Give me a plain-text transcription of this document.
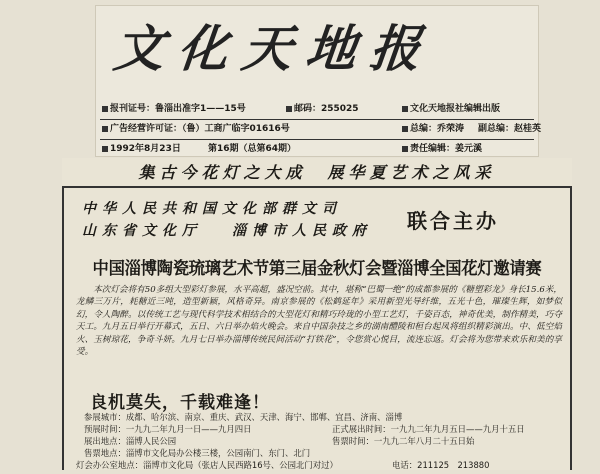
文化天地报
报刊证号：鲁淄出准字1——15号	邮码：255025	文化天地报社编辑出版
广告经营许可证：（鲁）工商广临字01616号	总编：乔荣涛 副总编：赵桂英
1992年8月23日	第16期（总第64期）	责任编辑：姜元溪
集古今花灯之大成　展华夏艺术之风采
中华人民共和国文化部群文司
山东省文化厅 淄博市人民政府 联合主办
中国淄博陶瓷琉璃艺术节第三届金秋灯会暨淄博全国花灯邀请赛
本次灯会将有50多组大型彩灯参展，水平高超，盛况空前。其中，堪称“巴蜀一绝”的成都参展的《糖塑彩龙》身长15.6米，龙鳞三万片，耗糖近三吨，造型新颖，风格奇异。南京参展的《松鹤延年》采用新型光导纤维，五光十色，璀璨生辉，如梦似幻，令人陶醉。以传统工艺与现代科学技术相结合的大型花灯和精巧玲珑的小型工艺灯，千姿百态，神奇优美，制作精美，巧夺天工。九月五日举行开幕式，五日、六日举办焰火晚会。来自中国杂技之乡的湖南醴陵和桓台起凤将组织精彩演出。中、低空焰火、玉树琼花，争奇斗妍。九月七日举办淄博传统民间活动“打铁花”，令您赏心悦目，流连忘返。灯会将为您带来欢乐和美的享受。
良机莫失，千载难逢！
参展城市：成都、哈尔滨、南京、重庆、武汉、天津、海宁、邯郸、宜昌、济南、淄博
预展时间：一九九二年九月一日——九月四日	正式展出时间：一九九二年九月五日——九月十五日
展出地点：淄博人民公园	售票时间：一九九二年八月二十五日始
售票地点：淄博市文化局办公楼三楼，公园南门、东门、北门
灯会办公室地点：淄博市文化局（张店人民西路16号、公园北门对过）	电话：211125　213880
